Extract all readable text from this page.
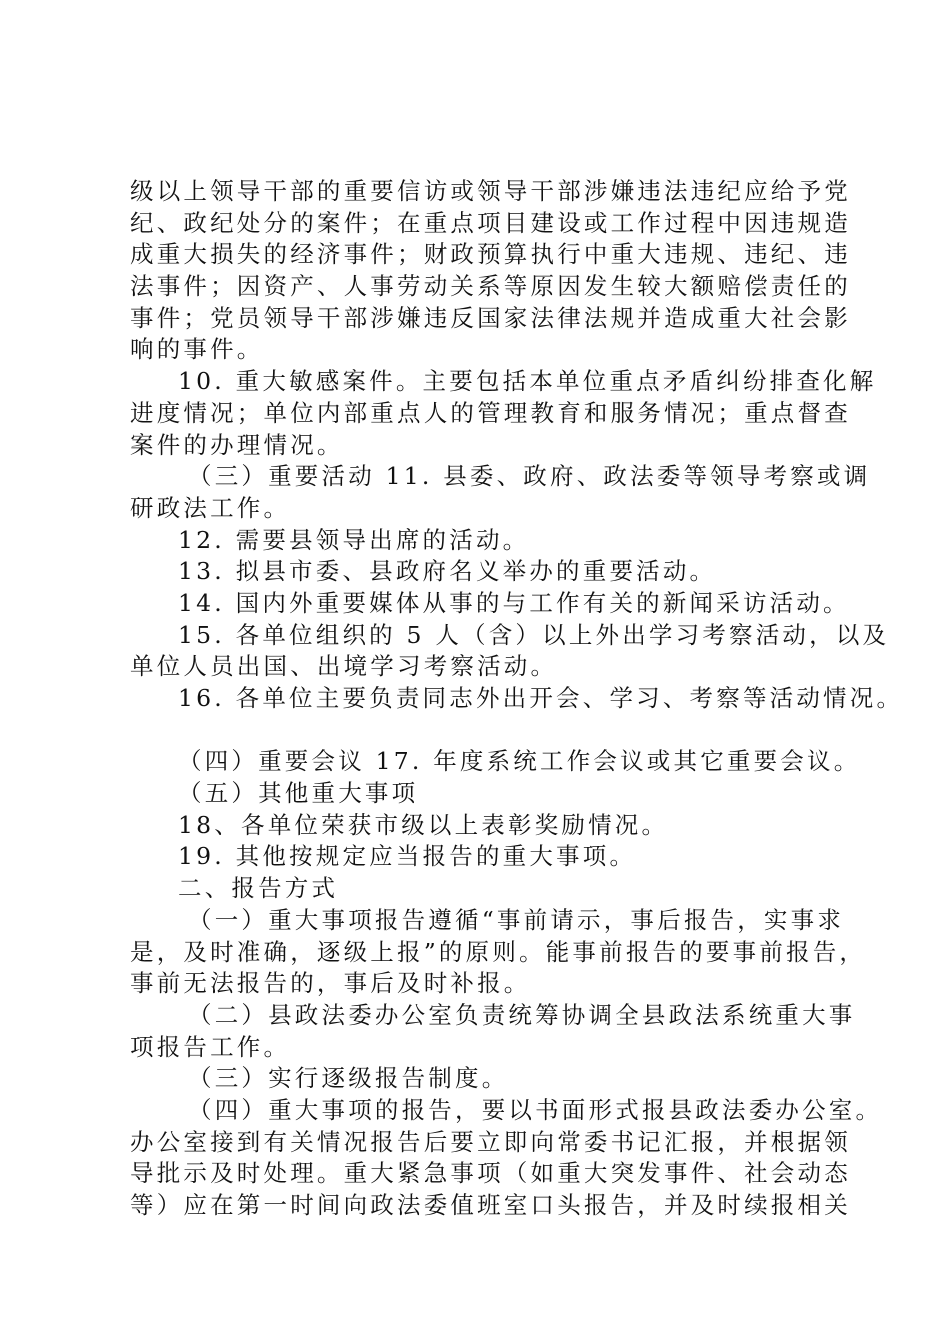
级以上领导干部的重要信访或领导干部涉嫌违法违纪应给予党
纪、政纪处分的案件；在重点项目建设或工作过程中因违规造
成重大损失的经济事件；财政预算执行中重大违规、违纪、违
法事件；因资产、人事劳动关系等原因发生较大额赔偿责任的
事件；党员领导干部涉嫌违反国家法律法规并造成重大社会影
响的事件。
10. 重大敏感案件。主要包括本单位重点矛盾纠纷排查化解
进度情况；单位内部重点人的管理教育和服务情况；重点督查
案件的办理情况。
（三）重要活动 11. 县委、政府、政法委等领导考察或调
研政法工作。
12. 需要县领导出席的活动。
13. 拟县市委、县政府名义举办的重要活动。
14. 国内外重要媒体从事的与工作有关的新闻采访活动。
15. 各单位组织的 5 人（含）以上外出学习考察活动，以及
单位人员出国、出境学习考察活动。
16. 各单位主要负责同志外出开会、学习、考察等活动情况。
（四）重要会议 17. 年度系统工作会议或其它重要会议。
（五）其他重大事项
18、各单位荣获市级以上表彰奖励情况。
19. 其他按规定应当报告的重大事项。
二、报告方式
（一）重大事项报告遵循“事前请示，事后报告，实事求
是，及时准确，逐级上报”的原则。能事前报告的要事前报告，
事前无法报告的，事后及时补报。
（二）县政法委办公室负责统筹协调全县政法系统重大事
项报告工作。
（三）实行逐级报告制度。
（四）重大事项的报告，要以书面形式报县政法委办公室。
办公室接到有关情况报告后要立即向常委书记汇报，并根据领
导批示及时处理。重大紧急事项（如重大突发事件、社会动态
等）应在第一时间向政法委值班室口头报告，并及时续报相关
